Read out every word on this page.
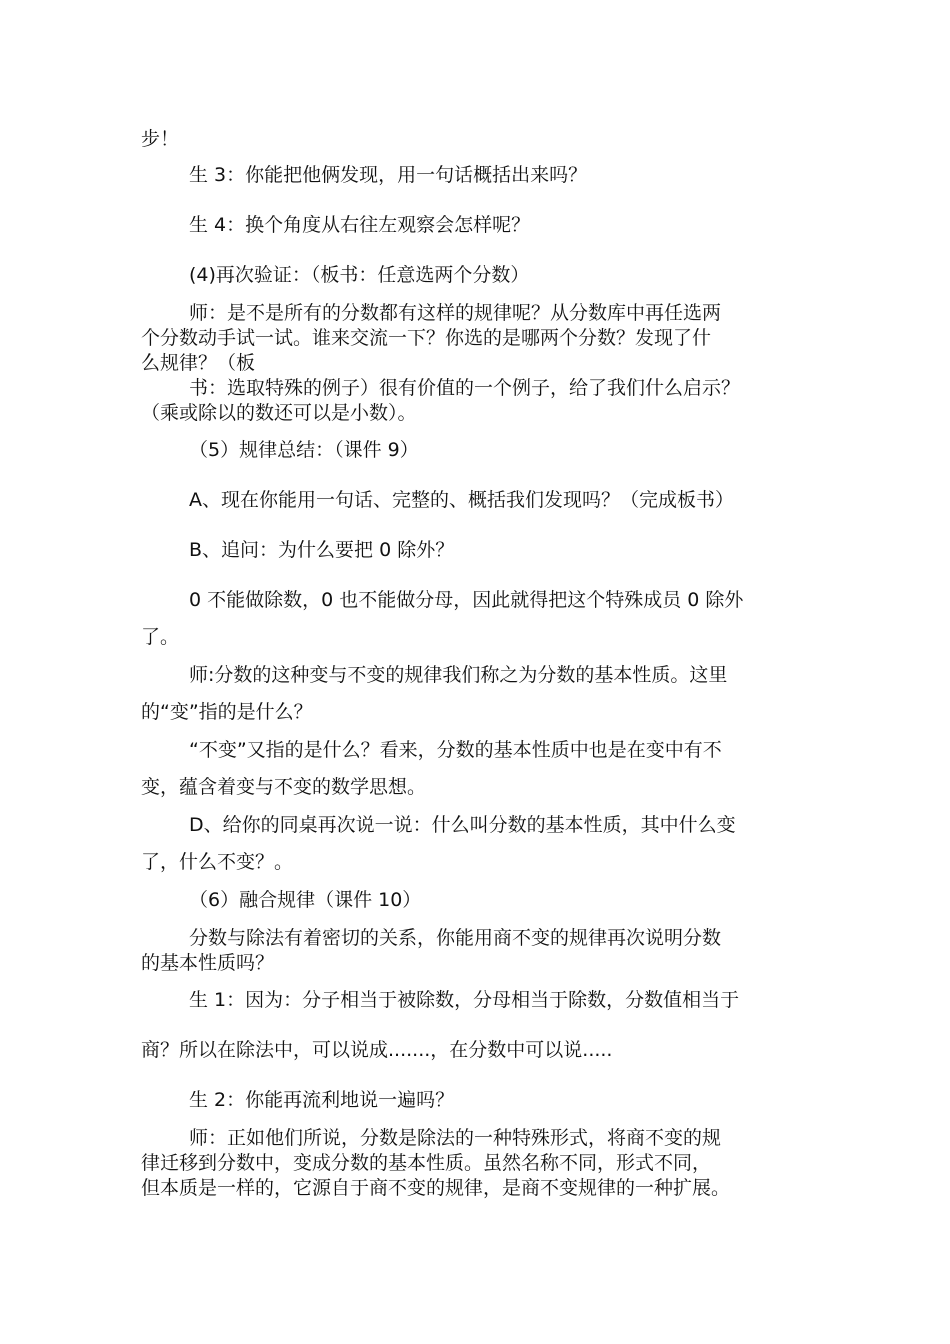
步！
生 3：你能把他俩发现，用一句话概括出来吗？
生 4：换个角度从右往左观察会怎样呢？
(4)再次验证：（板书：任意选两个分数）
师：是不是所有的分数都有这样的规律呢？从分数库中再任选两
个分数动手试一试。谁来交流一下？你选的是哪两个分数？发现了什
么规律？（板
书：选取特殊的例子）很有价值的一个例子，给了我们什么启示？
（乘或除以的数还可以是小数）。
（5）规律总结：（课件 9）
A、现在你能用一句话、完整的、概括我们发现吗？（完成板书）
B、追问：为什么要把 0 除外？
0 不能做除数，0 也不能做分母，因此就得把这个特殊成员 0 除外
了。
师:分数的这种变与不变的规律我们称之为分数的基本性质。这里
的“变”指的是什么？
“不变”又指的是什么？看来，分数的基本性质中也是在变中有不
变，蕴含着变与不变的数学思想。
D、给你的同桌再次说一说：什么叫分数的基本性质，其中什么变
了，什么不变？。
（6）融合规律（课件 10）
分数与除法有着密切的关系，你能用商不变的规律再次说明分数
的基本性质吗？
生 1：因为：分子相当于被除数，分母相当于除数，分数值相当于
商？所以在除法中，可以说成.......，在分数中可以说.....
生 2：你能再流利地说一遍吗？
师：正如他们所说，分数是除法的一种特殊形式，将商不变的规
律迁移到分数中，变成分数的基本性质。虽然名称不同，形式不同，
但本质是一样的，它源自于商不变的规律，是商不变规律的一种扩展。
